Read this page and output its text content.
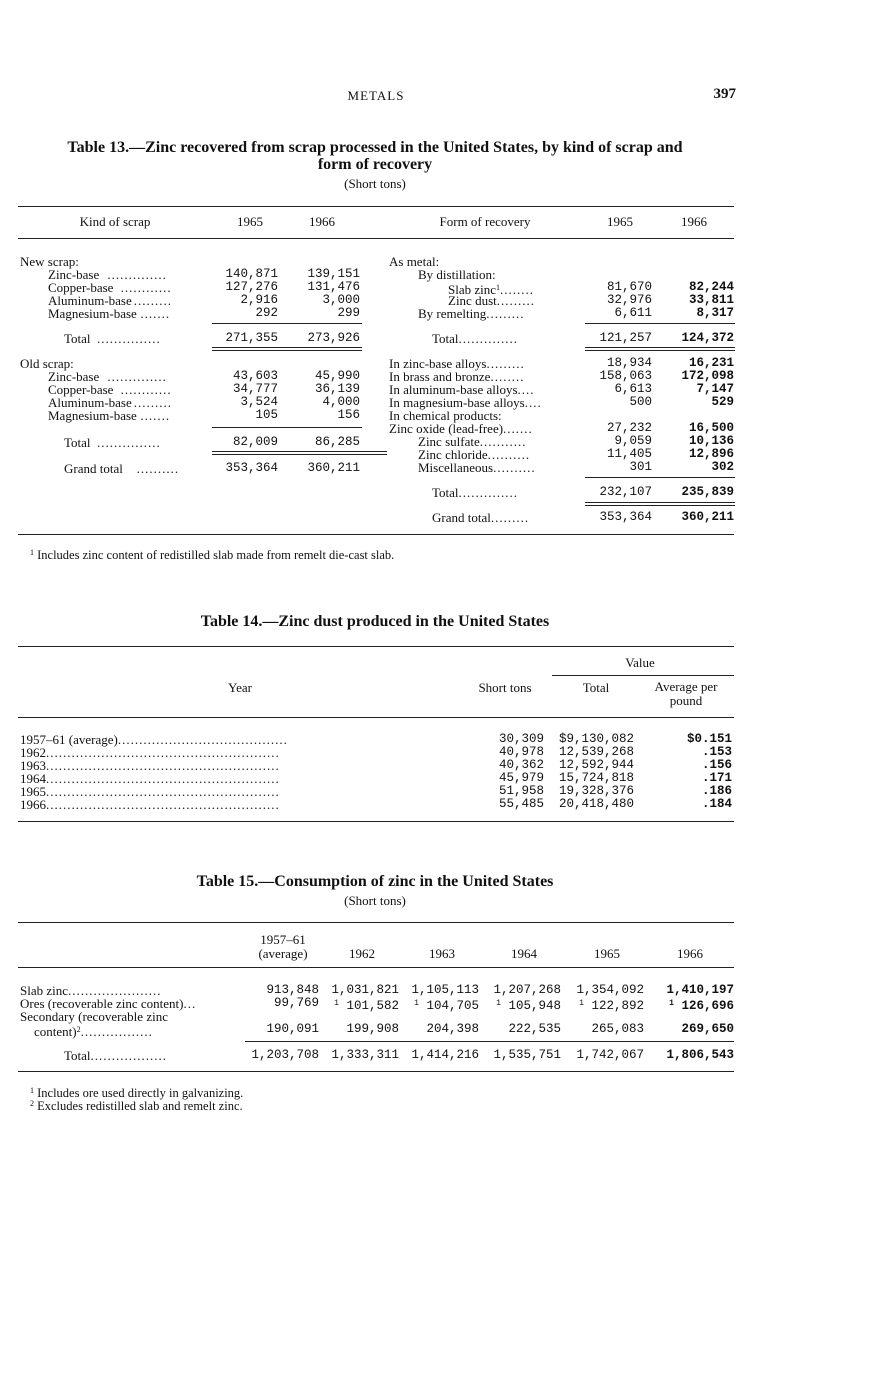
METALS	397
Table 13.—Zinc recovered from scrap processed in the United States, by kind of scrap and
form of recovery
(Short tons)
Kind of scrap	1965	1966	Form of recovery	1965	1966
New scrap:
Zinc-base ..............	140,871	139,151
Copper-base ............	127,276	131,476
Aluminum-base .........	2,916	3,000
Magnesium-base .......	292	299
Total ...............	271,355	273,926
Old scrap:
Zinc-base ..............	43,603	45,990
Copper-base ............	34,777	36,139
Aluminum-base .........	3,524	4,000
Magnesium-base .......	105	156
Total ...............	82,009	86,285
Grand total ..........	353,364	360,211
As metal:
By distillation:
Slab zinc$^1$........	81,670	82,244
Zinc dust.........	32,976	33,811
By remelting.........	6,611	8,317
Total..............	121,257	124,372
In zinc-base alloys.........	18,934	16,231
In brass and bronze........	158,063	172,098
In aluminum-base alloys....	6,613	7,147
In magnesium-base alloys....	500	529
In chemical products:
Zinc oxide (lead-free).......	27,232	16,500
Zinc sulfate...........	9,059	10,136
Zinc chloride..........	11,405	12,896
Miscellaneous..........	301	302
Total..............	232,107	235,839
Grand total.........	353,364	360,211
$^1$ Includes zinc content of redistilled slab made from remelt die-cast slab.
Table 14.—Zinc dust produced in the United States
Value
Year	Short tons	Total	Average per pound
1957–61 (average)........................................	30,309	$9,130,082	$0.151
1962.......................................................	40,978	12,539,268	.153
1963.......................................................	40,362	12,592,944	.156
1964.......................................................	45,979	15,724,818	.171
1965.......................................................	51,958	19,328,376	.186
1966.......................................................	55,485	20,418,480	.184
Table 15.—Consumption of zinc in the United States
(Short tons)
1957–61
(average)	1962	1963	1964	1965	1966
Slab zinc......................	913,848 1,031,821 1,105,113	1,207,268	1,354,092	1,410,197
Ores (recoverable zinc content)...	99,769	$^1$ 101,582	$^1$ 104,705	$^1$ 105,948	$^1$ 122,892	$^1$ 126,696
Secondary (recoverable zinc
content)$^2$.................	190,091	199,908	204,398	222,535	265,083	269,650
Total..................	1,203,708 1,333,311 1,414,216	1,535,751	1,742,067	1,806,543
$^1$ Includes ore used directly in galvanizing.
$^2$ Excludes redistilled slab and remelt zinc.
